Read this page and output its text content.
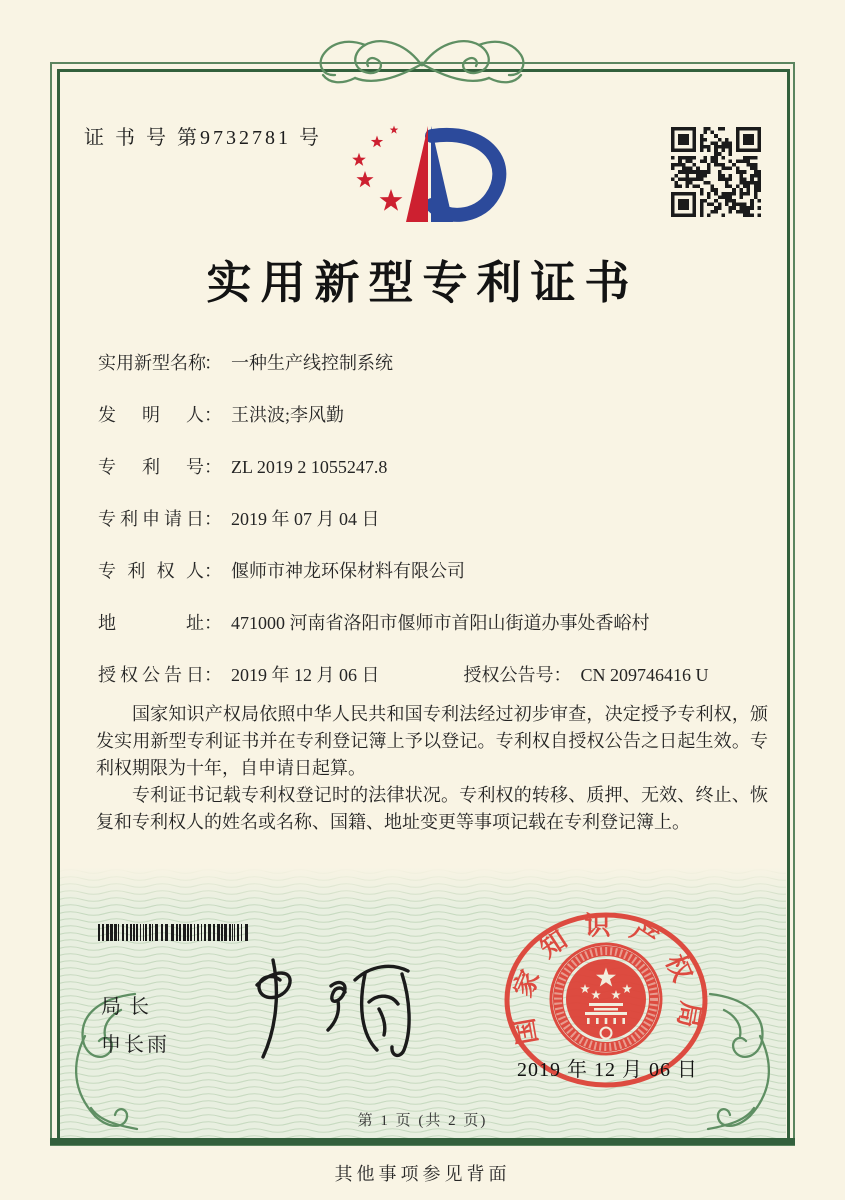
证 书 号 第9732781 号
实用新型专利证书
实用新型名称： 一种生产线控制系统
发明人： 王洪波;李风勤
专利号： ZL 2019 2 1055247.8
专利申请日： 2019 年 07 月 04 日
专利权人： 偃师市神龙环保材料有限公司
地址： 471000 河南省洛阳市偃师市首阳山街道办事处香峪村
授权公告日： 2019 年 12 月 06 日	授权公告号： CN 209746416 U

国家知识产权局依照中华人民共和国专利法经过初步审查，决定授予专利权，颁发实用新型专利证书并在专利登记簿上予以登记。专利权自授权公告之日起生效。专利权期限为十年，自申请日起算。

专利证书记载专利权登记时的法律状况。专利权的转移、质押、无效、终止、恢复和专利权人的姓名或名称、国籍、地址变更等事项记载在专利登记簿上。

局长
申长雨	国家知识产权局
2019 年 12 月 06 日
第 1 页 (共 2 页)
其他事项参见背面
